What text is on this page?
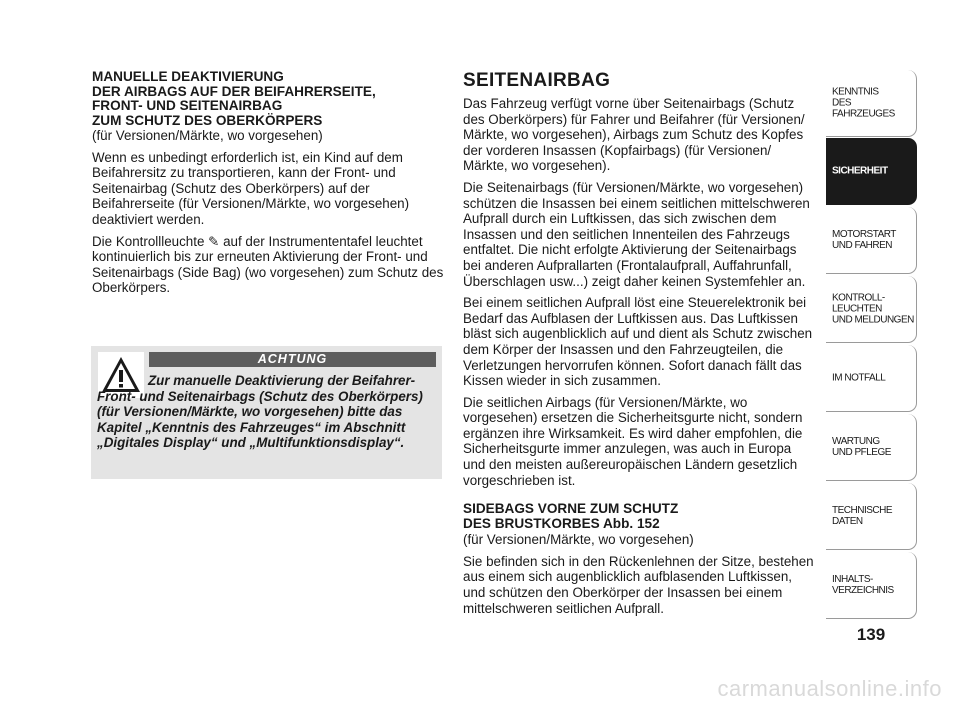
MANUELLE DEAKTIVIERUNG
DER AIRBAGS AUF DER BEIFAHRERSEITE,
FRONT- UND SEITENAIRBAG
ZUM SCHUTZ DES OBERKÖRPERS
(für Versionen/Märkte, wo vorgesehen)

Wenn es unbedingt erforderlich ist, ein Kind auf dem Beifahrersitz zu transportieren, kann der Front- und Seitenairbag (Schutz des Oberkörpers) auf der Beifahrerseite (für Versionen/Märkte, wo vorgesehen) deaktiviert werden.

Die Kontrollleuchte ✎ auf der Instrumententafel leuchtet kontinuierlich bis zur erneuten Aktivierung der Front- und Seitenairbags (Side Bag) (wo vorgesehen) zum Schutz des Oberkörpers.

ACHTUNG
Zur manuelle Deaktivierung der Beifahrer-Front- und Seitenairbags (Schutz des Oberkörpers) (für Versionen/Märkte, wo vorgesehen) bitte das Kapitel „Kenntnis des Fahrzeuges“ im Abschnitt „Digitales Display“ und „Multifunktionsdisplay“.
SEITENAIRBAG

Das Fahrzeug verfügt vorne über Seitenairbags (Schutz des Oberkörpers) für Fahrer und Beifahrer (für Versionen/ Märkte, wo vorgesehen), Airbags zum Schutz des Kopfes der vorderen Insassen (Kopfairbags) (für Versionen/ Märkte, wo vorgesehen).

Die Seitenairbags (für Versionen/Märkte, wo vorgesehen) schützen die Insassen bei einem seitlichen mittelschweren Aufprall durch ein Luftkissen, das sich zwischen dem Insassen und den seitlichen Innenteilen des Fahrzeugs entfaltet. Die nicht erfolgte Aktivierung der Seitenairbags bei anderen Aufprallarten (Frontalaufprall, Auffahrunfall, Überschlagen usw...) zeigt daher keinen Systemfehler an.

Bei einem seitlichen Aufprall löst eine Steuerelektronik bei Bedarf das Aufblasen der Luftkissen aus. Das Luftkissen bläst sich augenblicklich auf und dient als Schutz zwischen dem Körper der Insassen und den Fahrzeugteilen, die Verletzungen hervorrufen können. Sofort danach fällt das Kissen wieder in sich zusammen.

Die seitlichen Airbags (für Versionen/Märkte, wo vorgesehen) ersetzen die Sicherheitsgurte nicht, sondern ergänzen ihre Wirksamkeit. Es wird daher empfohlen, die Sicherheitsgurte immer anzulegen, was auch in Europa und den meisten außereuropäischen Ländern gesetzlich vorgeschrieben ist.

SIDEBAGS VORNE ZUM SCHUTZ
DES BRUSTKORBES Abb. 152
(für Versionen/Märkte, wo vorgesehen)

Sie befinden sich in den Rückenlehnen der Sitze, bestehen aus einem sich augenblicklich aufblasenden Luftkissen, und schützen den Oberkörper der Insassen bei einem mittelschweren seitlichen Aufprall.

KENNTNIS
DES FAHRZEUGES
SICHERHEIT
MOTORSTART
UND FAHREN
KONTROLL-
LEUCHTEN
UND MELDUNGEN
IM NOTFALL
WARTUNG
UND PFLEGE
TECHNISCHE
DATEN
INHALTS-
VERZEICHNIS
139
carmanualsonline.info
